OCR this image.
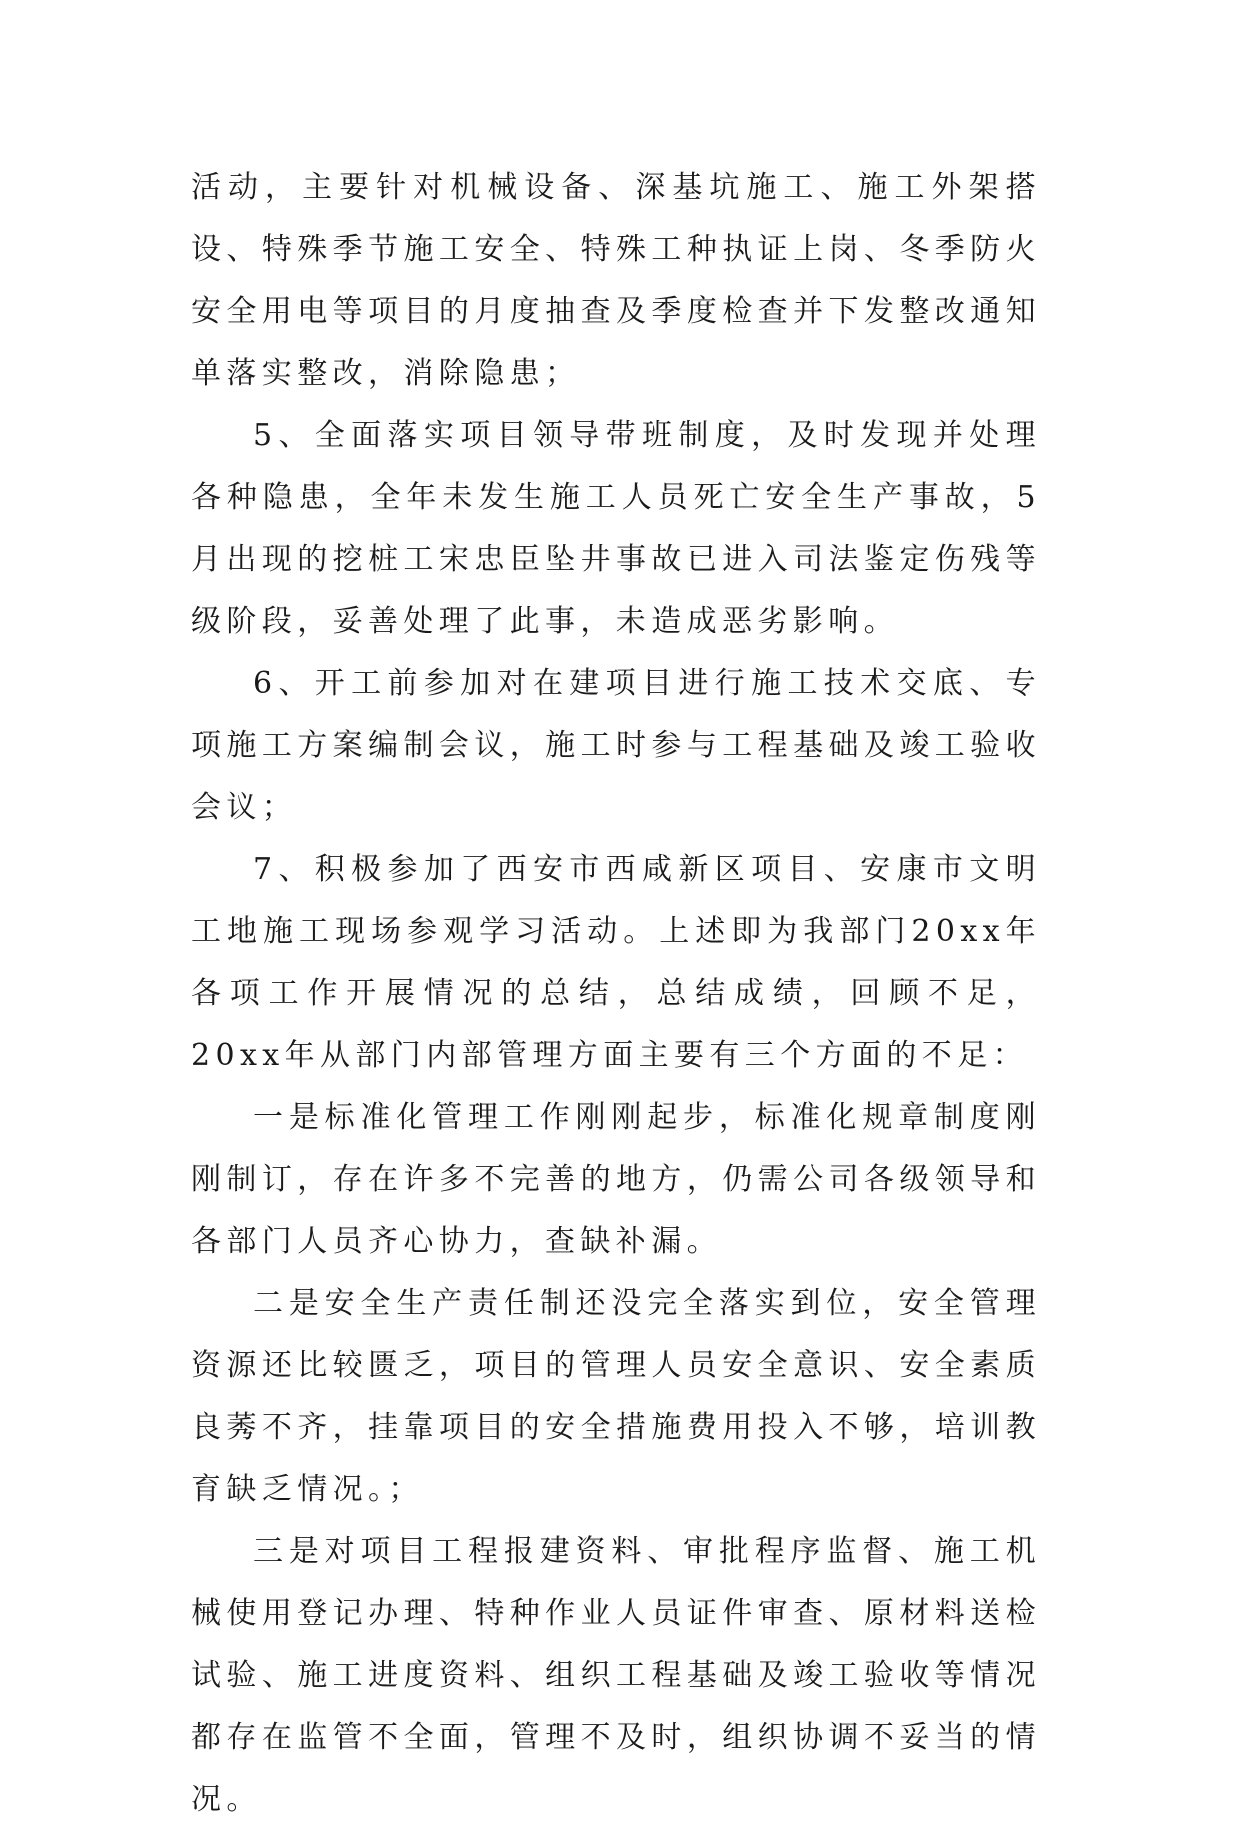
活动，主要针对机械设备、深基坑施工、施工外架搭设、特殊季节施工安全、特殊工种执证上岗、冬季防火安全用电等项目的月度抽查及季度检查并下发整改通知单落实整改，消除隐患；

5、全面落实项目领导带班制度，及时发现并处理各种隐患，全年未发生施工人员死亡安全生产事故，5月出现的挖桩工宋忠臣坠井事故已进入司法鉴定伤残等级阶段，妥善处理了此事，未造成恶劣影响。

6、开工前参加对在建项目进行施工技术交底、专项施工方案编制会议，施工时参与工程基础及竣工验收会议；

7、积极参加了西安市西咸新区项目、安康市文明工地施工现场参观学习活动。上述即为我部门20xx年各项工作开展情况的总结，总结成绩，回顾不足，20xx年从部门内部管理方面主要有三个方面的不足：

一是标准化管理工作刚刚起步，标准化规章制度刚刚制订，存在许多不完善的地方，仍需公司各级领导和各部门人员齐心协力，查缺补漏。

二是安全生产责任制还没完全落实到位，安全管理资源还比较匮乏，项目的管理人员安全意识、安全素质良莠不齐，挂靠项目的安全措施费用投入不够，培训教育缺乏情况。；

三是对项目工程报建资料、审批程序监督、施工机械使用登记办理、特种作业人员证件审查、原材料送检试验、施工进度资料、组织工程基础及竣工验收等情况都存在监管不全面，管理不及时，组织协调不妥当的情况。
